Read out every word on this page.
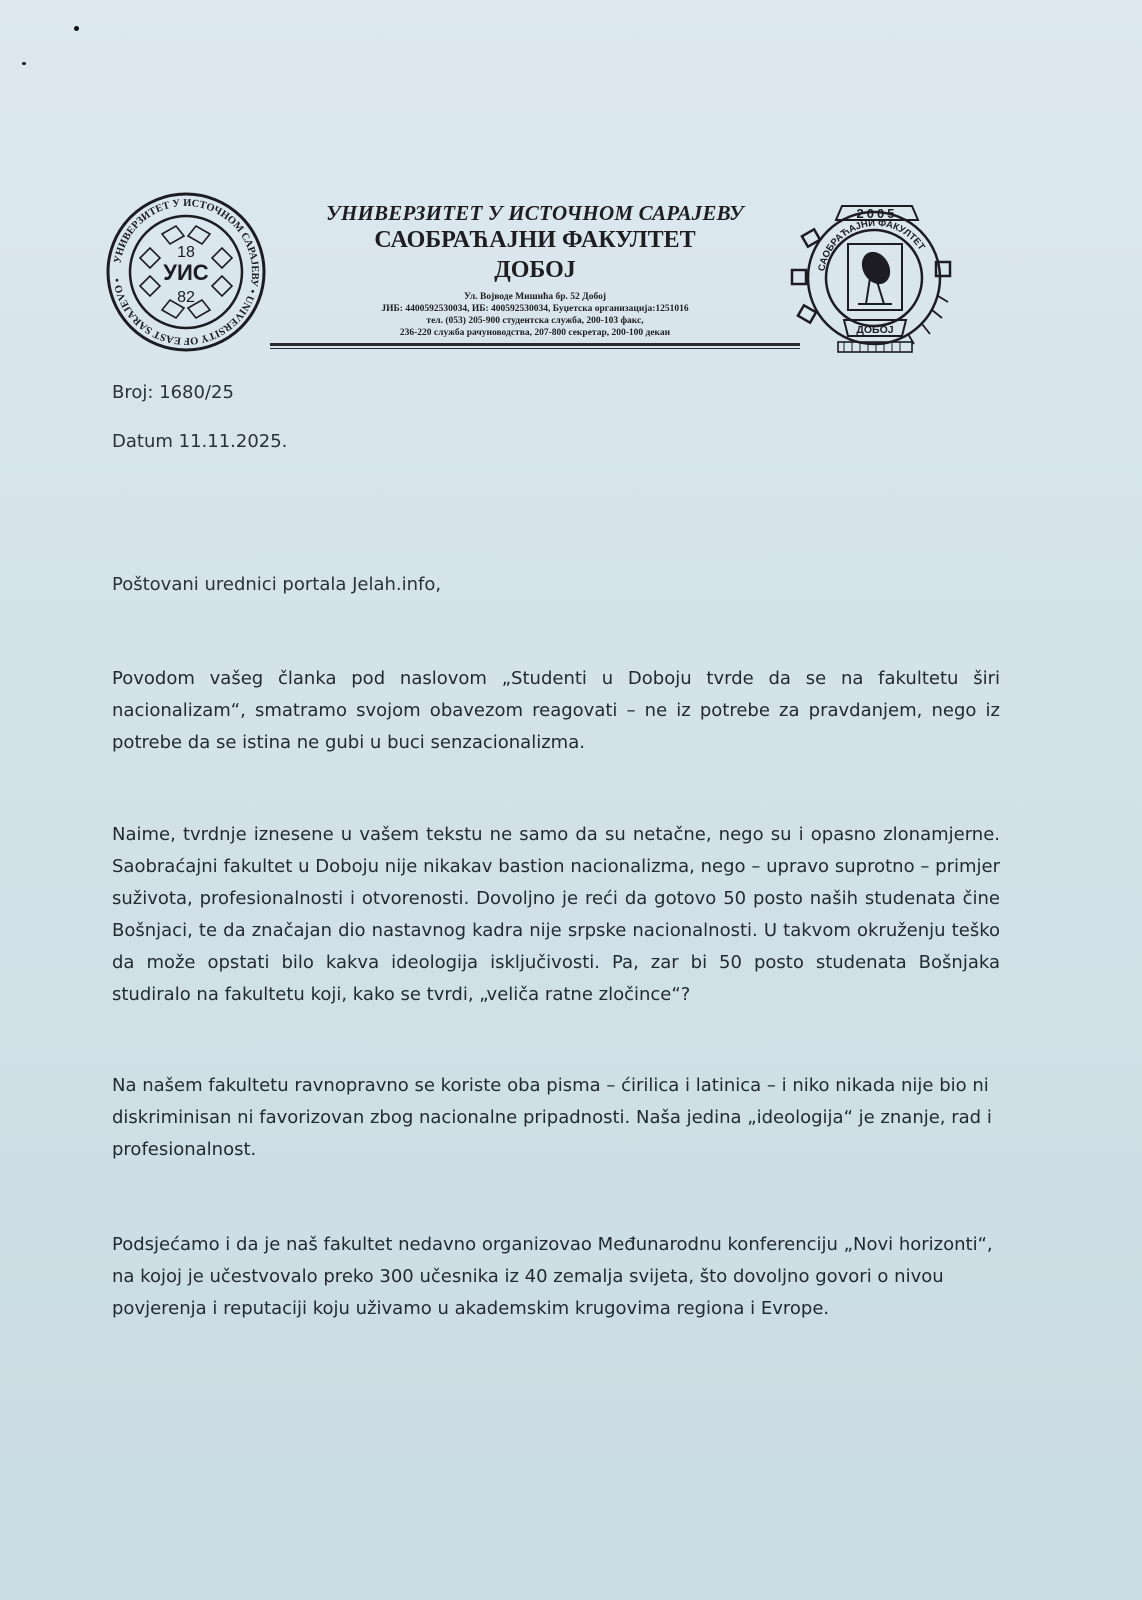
УНИВЕРЗИТЕТ У ИСТОЧНОМ САРАЈЕВУ • UNIVERSITY OF EAST SARAJEVO •
18
УИС
82
УНИВЕРЗИТЕТ У ИСТОЧНОМ САРАЈЕВУ
САОБРАЋАЈНИ ФАКУЛТЕТ
ДОБОЈ
Ул. Војводе Мишића бр. 52 Добој
ЈИБ: 4400592530034, ИБ: 400592530034, Буџетска организација:1251016
тел. (053) 205-900 студентска служба, 200-103 факс,
236-220 служба рачуноводства, 207-800 секретар, 200-100 декан
2005
САОБРАЋАЈНИ ФАКУЛТЕТ
ДОБОЈ
Broj: 1680/25
Datum 11.11.2025.
Poštovani urednici portala Jelah.info,
Povodom vašeg članka pod naslovom „Studenti u Doboju tvrde da se na fakultetu širi nacionalizam“, smatramo svojom obavezom reagovati – ne iz potrebe za pravdanjem, nego iz potrebe da se istina ne gubi u buci senzacionalizma.
Naime, tvrdnje iznesene u vašem tekstu ne samo da su netačne, nego su i opasno zlonamjerne. Saobraćajni fakultet u Doboju nije nikakav bastion nacionalizma, nego – upravo suprotno – primjer suživota, profesionalnosti i otvorenosti. Dovoljno je reći da gotovo 50 posto naših studenata čine Bošnjaci, te da značajan dio nastavnog kadra nije srpske nacionalnosti. U takvom okruženju teško da može opstati bilo kakva ideologija isključivosti. Pa, zar bi 50 posto studenata Bošnjaka studiralo na fakultetu koji, kako se tvrdi, „veliča ratne zločince“?
Na našem fakultetu ravnopravno se koriste oba pisma – ćirilica i latinica – i niko nikada nije bio ni diskriminisan ni favorizovan zbog nacionalne pripadnosti. Naša jedina „ideologija“ je znanje, rad i profesionalnost.
Podsjećamo i da je naš fakultet nedavno organizovao Međunarodnu konferenciju „Novi horizonti“, na kojoj je učestvovalo preko 300 učesnika iz 40 zemalja svijeta, što dovoljno govori o nivou povjerenja i reputaciji koju uživamo u akademskim krugovima regiona i Evrope.
